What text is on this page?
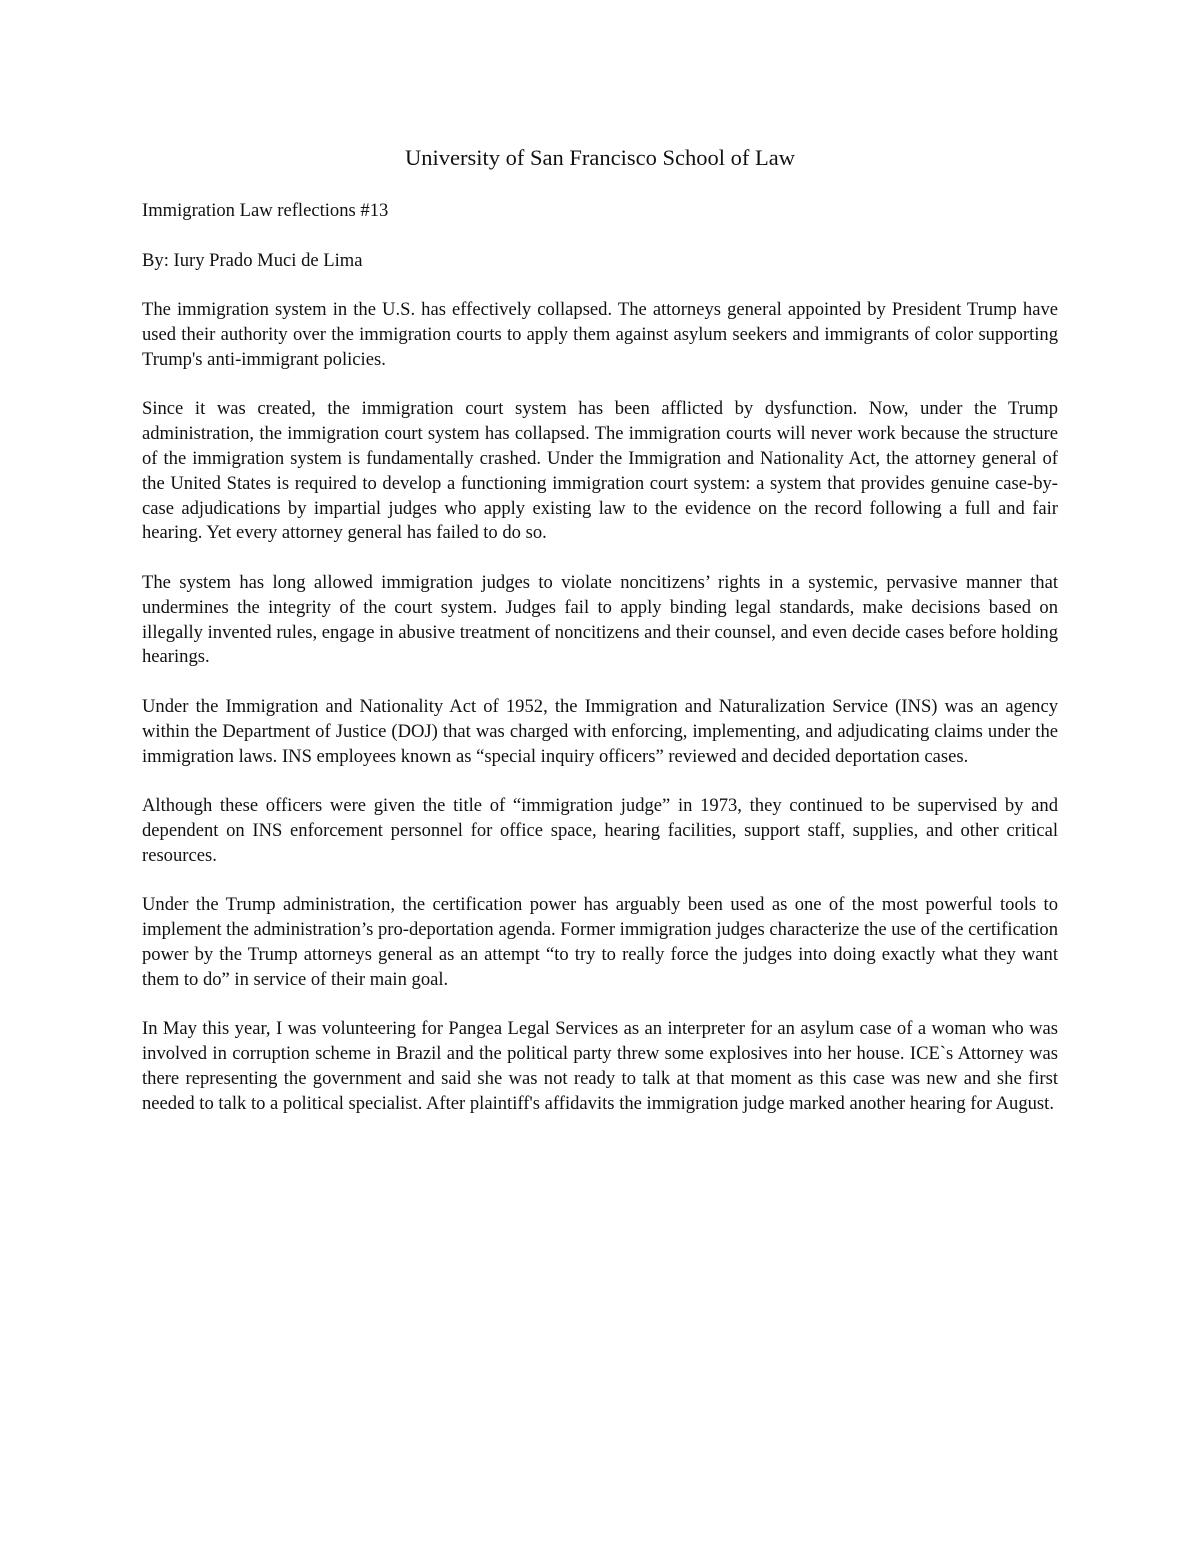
University of San Francisco School of Law

Immigration Law reflections #13

By: Iury Prado Muci de Lima

The immigration system in the U.S. has effectively collapsed. The attorneys general appointed by President Trump have used their authority over the immigration courts to apply them against asylum seekers and immigrants of color supporting Trump's anti-immigrant policies.

Since it was created, the immigration court system has been afflicted by dysfunction. Now, under the Trump administration, the immigration court system has collapsed. The immigration courts will never work because the structure of the immigration system is fundamentally crashed. Under the Immigration and Nationality Act, the attorney general of the United States is required to develop a functioning immigration court system: a system that provides genuine case-by-case adjudications by impartial judges who apply existing law to the evidence on the record following a full and fair hearing. Yet every attorney general has failed to do so.

The system has long allowed immigration judges to violate noncitizens’ rights in a systemic, pervasive manner that undermines the integrity of the court system. Judges fail to apply binding legal standards, make decisions based on illegally invented rules, engage in abusive treatment of noncitizens and their counsel, and even decide cases before holding hearings.

Under the Immigration and Nationality Act of 1952, the Immigration and Naturalization Service (INS) was an agency within the Department of Justice (DOJ) that was charged with enforcing, implementing, and adjudicating claims under the immigration laws. INS employees known as “special inquiry officers” reviewed and decided deportation cases.

Although these officers were given the title of “immigration judge” in 1973, they continued to be supervised by and dependent on INS enforcement personnel for office space, hearing facilities, support staff, supplies, and other critical resources.

Under the Trump administration, the certification power has arguably been used as one of the most powerful tools to implement the administration’s pro-deportation agenda. Former immigration judges characterize the use of the certification power by the Trump attorneys general as an attempt “to try to really force the judges into doing exactly what they want them to do” in service of their main goal.

In May this year, I was volunteering for Pangea Legal Services as an interpreter for an asylum case of a woman who was involved in corruption scheme in Brazil and the political party threw some explosives into her house. ICE`s Attorney was there representing the government and said she was not ready to talk at that moment as this case was new and she first needed to talk to a political specialist. After plaintiff's affidavits the immigration judge marked another hearing for August.
